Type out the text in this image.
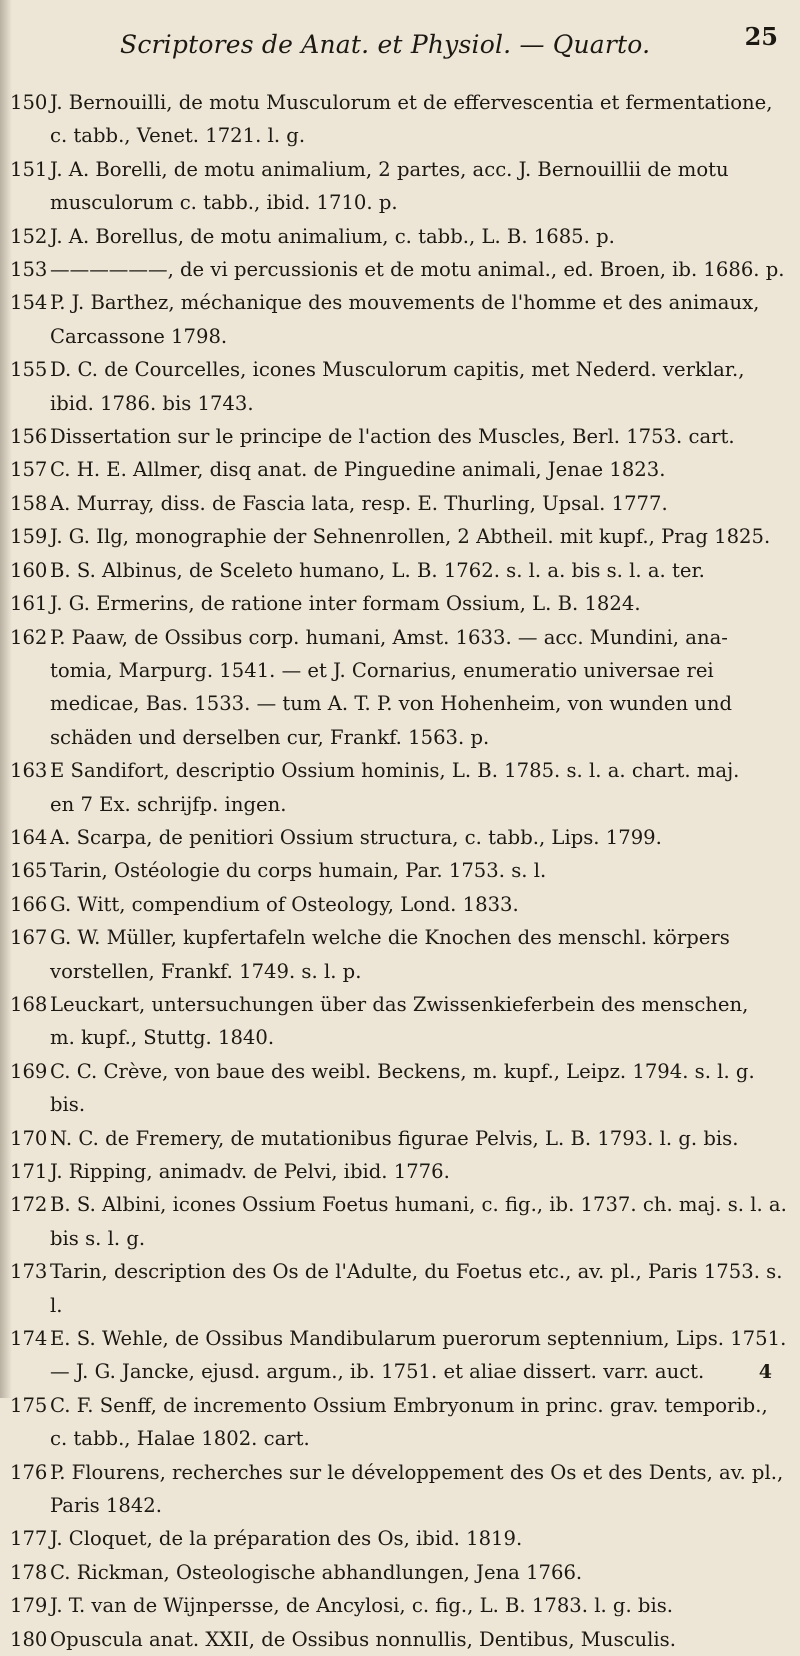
Scriptores de Anat. et Physiol. — Quarto.	25
150 J. Bernouilli, de motu Musculorum et de effervescentia et fermentatione,
c. tabb., Venet. 1721. l. g.
151 J. A. Borelli, de motu animalium, 2 partes, acc. J. Bernouillii de motu
musculorum c. tabb., ibid. 1710. p.
152 J. A. Borellus, de motu animalium, c. tabb., L. B. 1685. p.
153 ——————, de vi percussionis et de motu animal., ed. Broen, ib. 1686. p.
154 P. J. Barthez, méchanique des mouvements de l'homme et des animaux,
Carcassone 1798.
155 D. C. de Courcelles, icones Musculorum capitis, met Nederd. verklar.,
ibid. 1786. bis 1743.
156 Dissertation sur le principe de l'action des Muscles, Berl. 1753. cart.
157 C. H. E. Allmer, disq anat. de Pinguedine animali, Jenae 1823.
158 A. Murray, diss. de Fascia lata, resp. E. Thurling, Upsal. 1777.
159 J. G. Ilg, monographie der Sehnenrollen, 2 Abtheil. mit kupf., Prag 1825.
160 B. S. Albinus, de Sceleto humano, L. B. 1762. s. l. a. bis s. l. a. ter.
161 J. G. Ermerins, de ratione inter formam Ossium, L. B. 1824.
162 P. Paaw, de Ossibus corp. humani, Amst. 1633. — acc. Mundini, ana-
tomia, Marpurg. 1541. — et J. Cornarius, enumeratio universae rei
medicae, Bas. 1533. — tum A. T. P. von Hohenheim, von wunden und
schäden und derselben cur, Frankf. 1563. p.
163 E Sandifort, descriptio Ossium hominis, L. B. 1785. s. l. a. chart. maj.
en 7 Ex. schrijfp. ingen.
164 A. Scarpa, de penitiori Ossium structura, c. tabb., Lips. 1799.
165 Tarin, Ostéologie du corps humain, Par. 1753. s. l.
166 G. Witt, compendium of Osteology, Lond. 1833.
167 G. W. Müller, kupfertafeln welche die Knochen des menschl. körpers
vorstellen, Frankf. 1749. s. l. p.
168 Leuckart, untersuchungen über das Zwissenkieferbein des menschen,
m. kupf., Stuttg. 1840.
169 C. C. Crève, von baue des weibl. Beckens, m. kupf., Leipz. 1794. s. l. g. bis.
170 N. C. de Fremery, de mutationibus figurae Pelvis, L. B. 1793. l. g. bis.
171 J. Ripping, animadv. de Pelvi, ibid. 1776.
172 B. S. Albini, icones Ossium Foetus humani, c. fig., ib. 1737. ch. maj. s. l. a.
bis s. l. g.
173 Tarin, description des Os de l'Adulte, du Foetus etc., av. pl., Paris 1753. s. l.
174 E. S. Wehle, de Ossibus Mandibularum puerorum septennium, Lips. 1751.
— J. G. Jancke, ejusd. argum., ib. 1751. et aliae dissert. varr. auct.
175 C. F. Senff, de incremento Ossium Embryonum in princ. grav. temporib.,
c. tabb., Halae 1802. cart.
176 P. Flourens, recherches sur le développement des Os et des Dents, av. pl.,
Paris 1842.
177 J. Cloquet, de la préparation des Os, ibid. 1819.
178 C. Rickman, Osteologische abhandlungen, Jena 1766.
179 J. T. van de Wijnpersse, de Ancylosi, c. fig., L. B. 1783. l. g. bis.
180 Opuscula anat. XXII, de Ossibus nonnullis, Dentibus, Musculis.
4
